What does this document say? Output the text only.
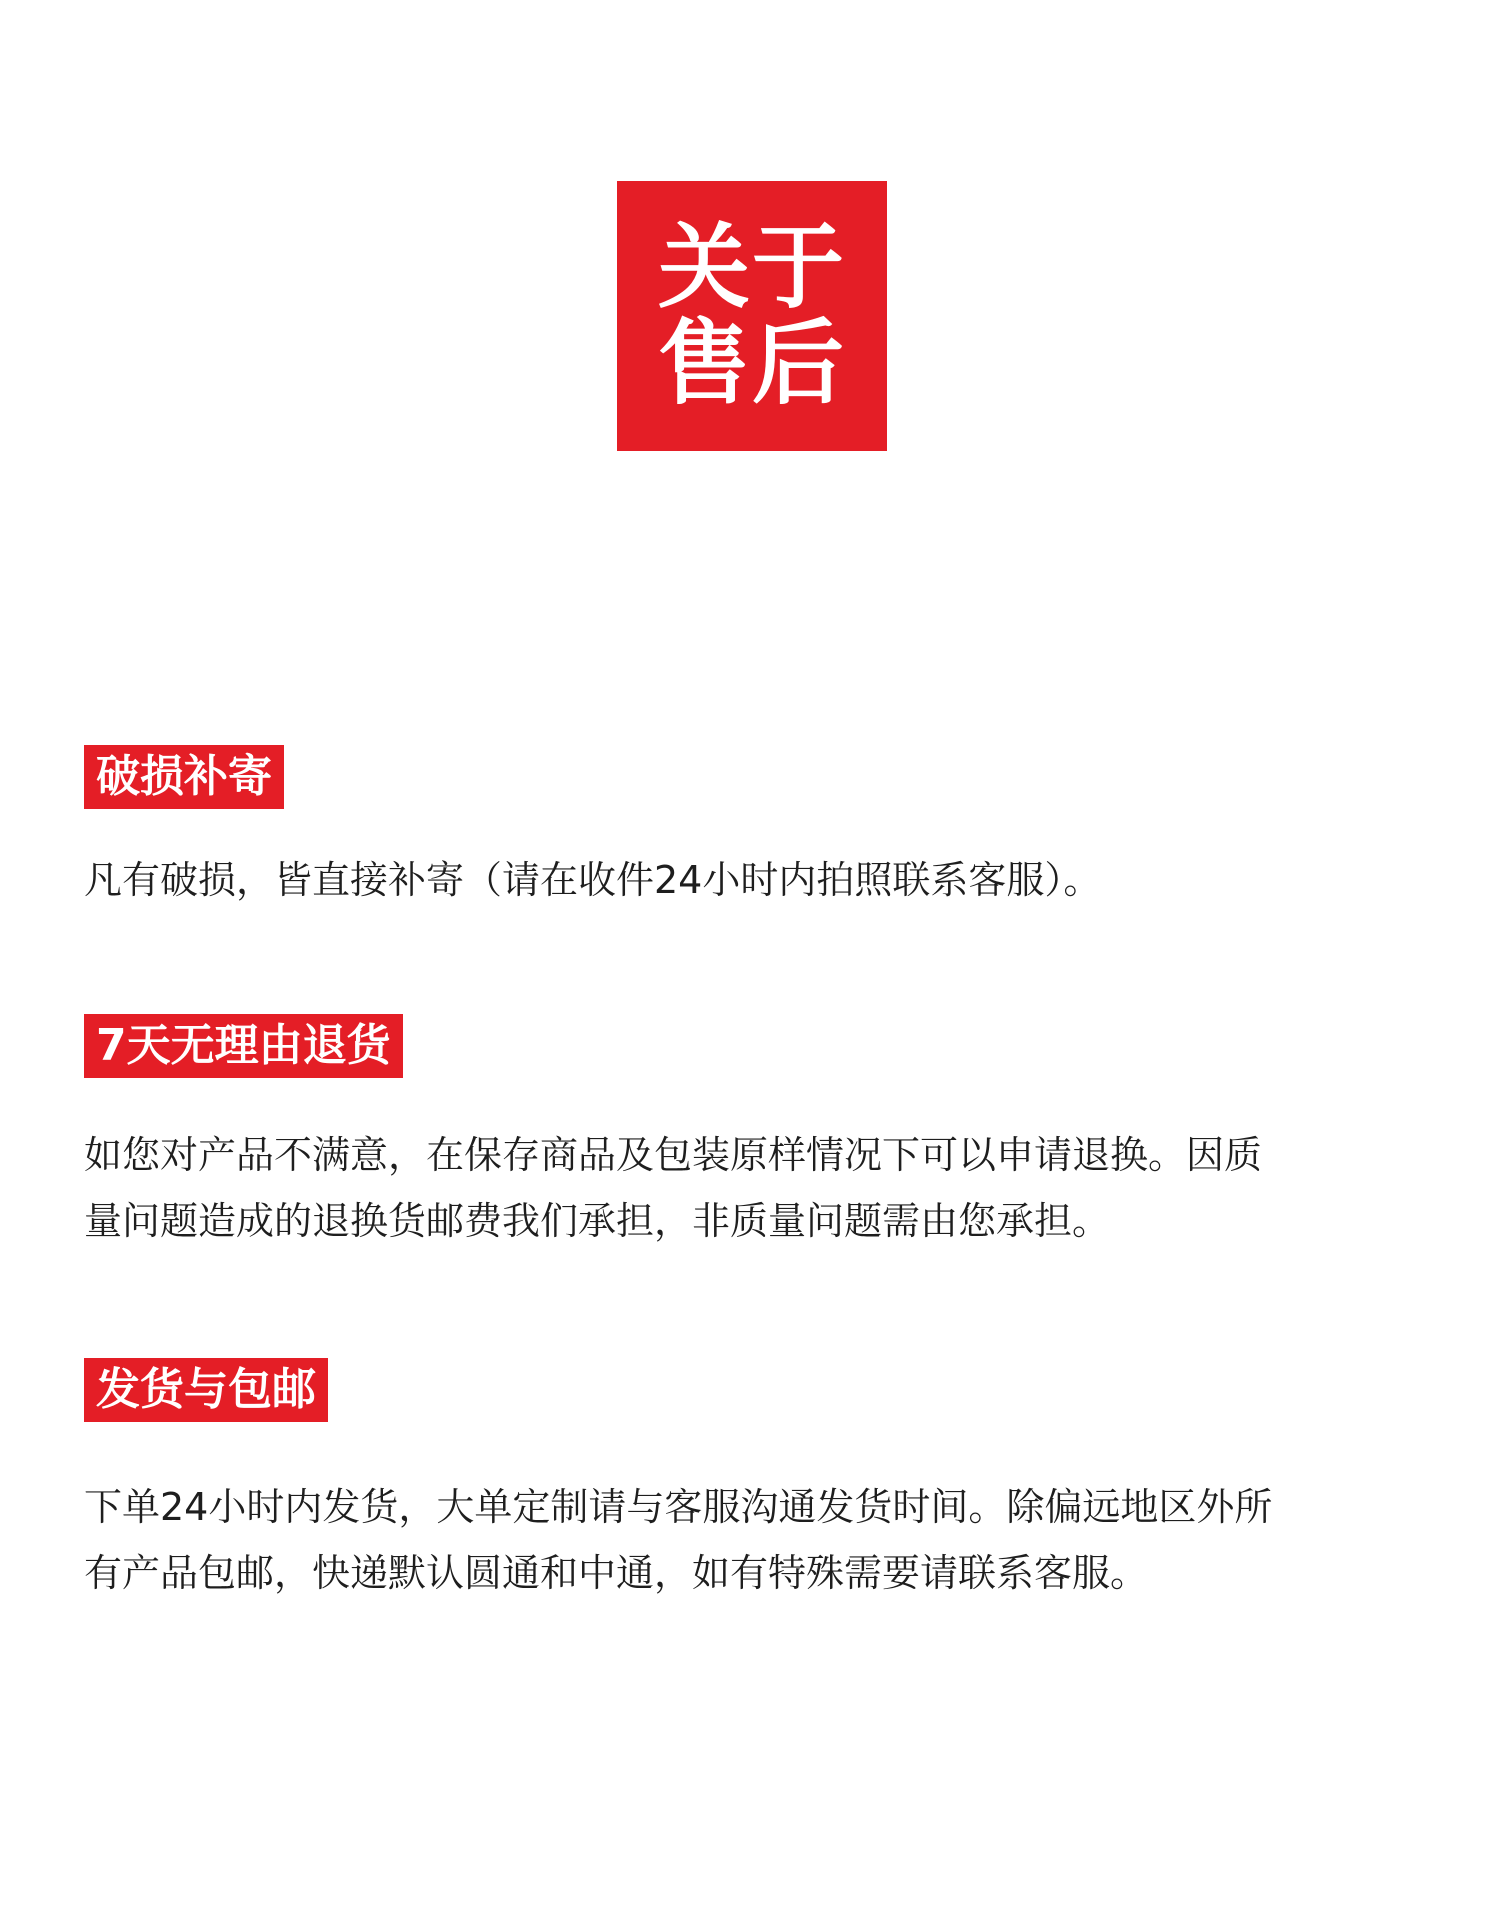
关于
售后
破损补寄

凡有破损，皆直接补寄（请在收件24小时内拍照联系客服）。

7天无理由退货

如您对产品不满意，在保存商品及包装原样情况下可以申请退换。因质
量问题造成的退换货邮费我们承担，非质量问题需由您承担。

发货与包邮

下单24小时内发货，大单定制请与客服沟通发货时间。除偏远地区外所
有产品包邮，快递默认圆通和中通，如有特殊需要请联系客服。
